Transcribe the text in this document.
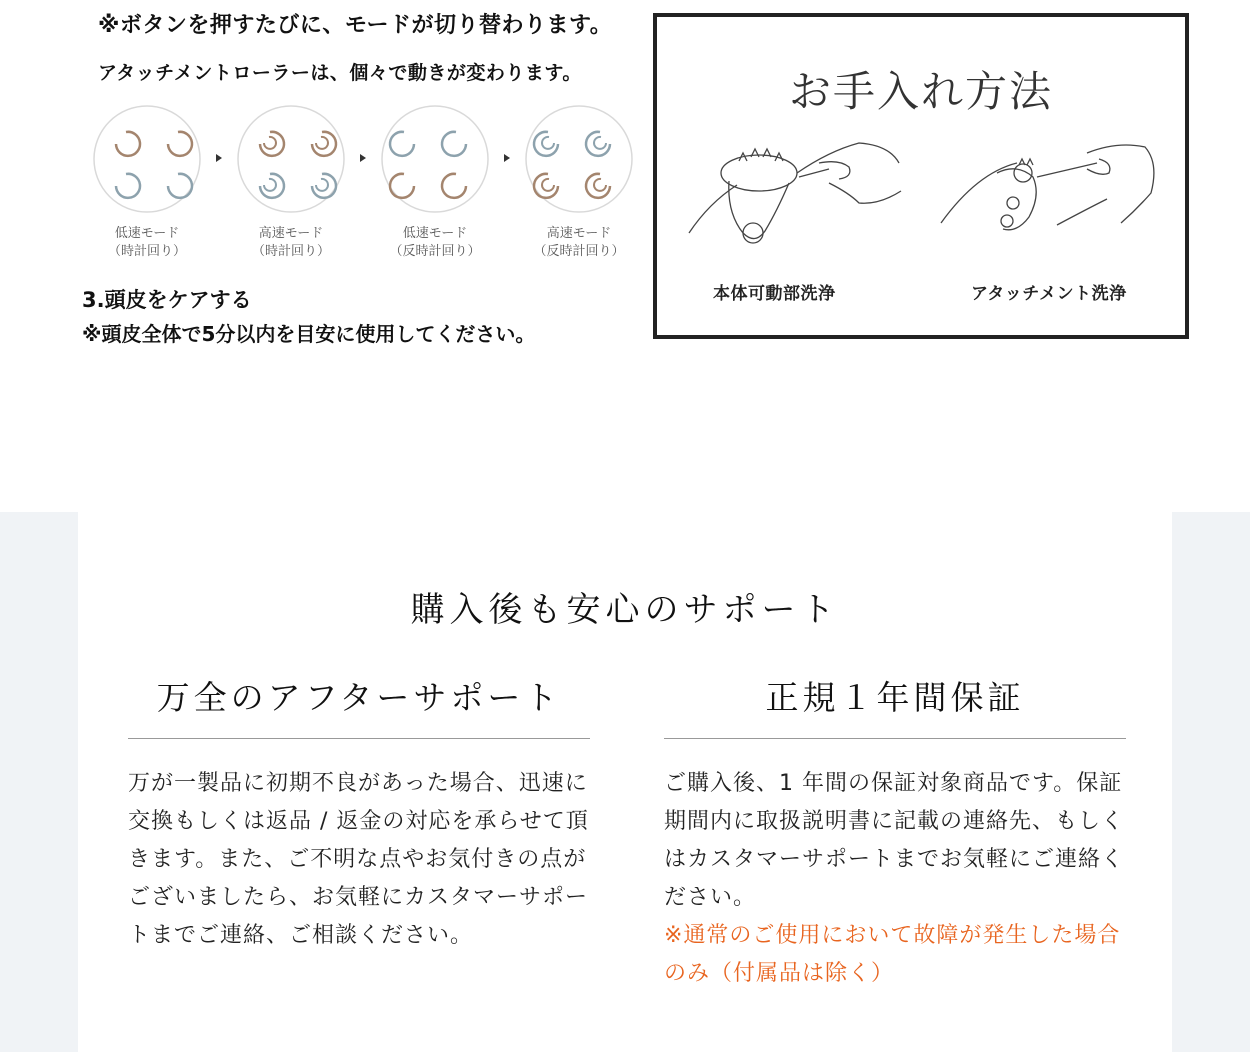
※ボタンを押すたびに、モードが切り替わります。
アタッチメントローラーは、個々で動きが変わります。
低速モード
（時計回り）
高速モード
（時計回り）
低速モード
（反時計回り）
高速モード
（反時計回り）
3.頭皮をケアする
※頭皮全体で5分以内を目安に使用してください。
お手入れ方法
本体可動部洗浄	アタッチメント洗浄
購入後も安心のサポート
万全のアフターサポート
万が一製品に初期不良があった場合、迅速に交換もしくは返品 / 返金の対応を承らせて頂きます。また、ご不明な点やお気付きの点がございましたら、お気軽にカスタマーサポートまでご連絡、ご相談ください。
正規１年間保証
ご購入後、1 年間の保証対象商品です。保証期間内に取扱説明書に記載の連絡先、もしくはカスタマーサポートまでお気軽にご連絡ください。
※通常のご使用において故障が発生した場合のみ（付属品は除く）
